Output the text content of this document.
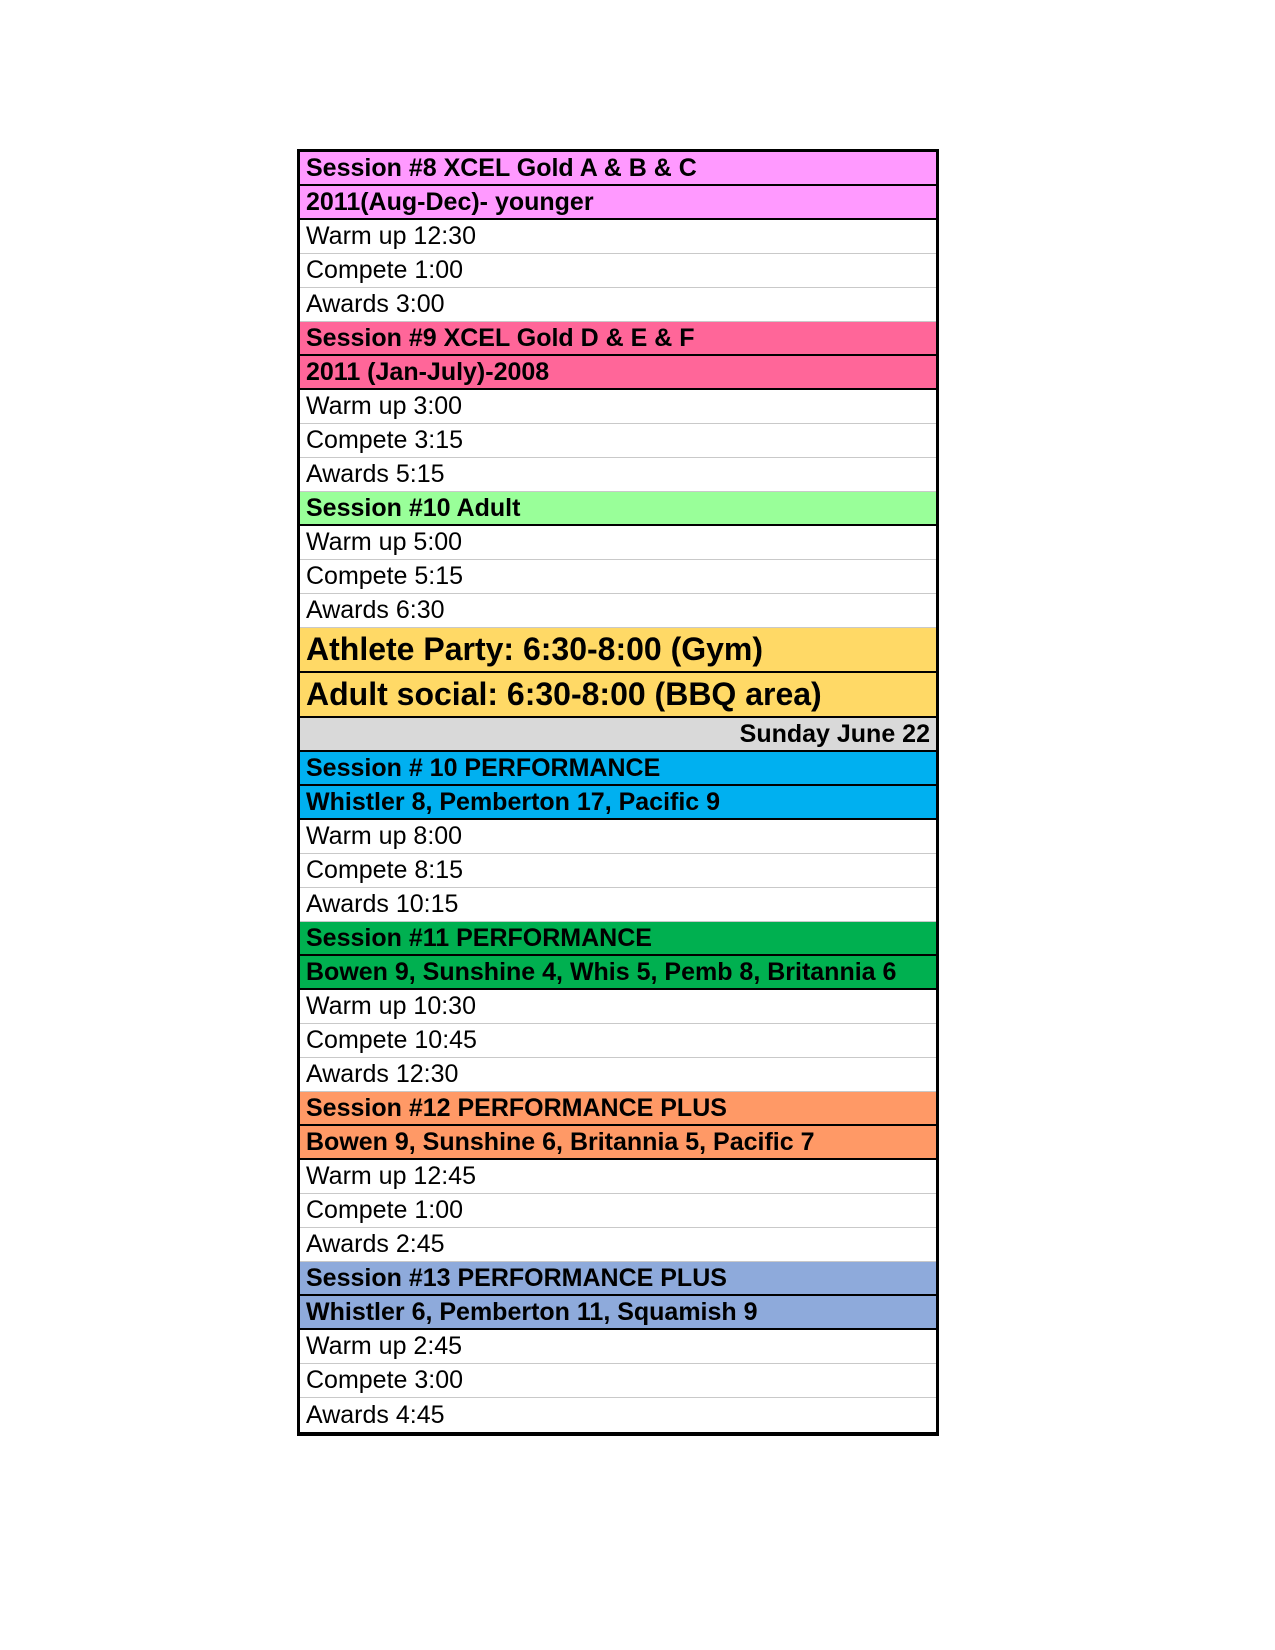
Session #8 XCEL Gold A & B & C
2011(Aug-Dec)- younger
Warm up 12:30
Compete 1:00
Awards 3:00
Session #9 XCEL Gold D & E & F
2011 (Jan-July)-2008
Warm up 3:00
Compete 3:15
Awards 5:15
Session #10 Adult
Warm up 5:00
Compete 5:15
Awards 6:30
Athlete Party: 6:30-8:00 (Gym)
Adult social: 6:30-8:00 (BBQ area)
Sunday June 22
Session # 10 PERFORMANCE
Whistler 8, Pemberton 17, Pacific 9
Warm up 8:00
Compete 8:15
Awards 10:15
Session #11 PERFORMANCE
Bowen 9, Sunshine 4, Whis 5, Pemb 8, Britannia 6
Warm up 10:30
Compete 10:45
Awards 12:30
Session #12 PERFORMANCE PLUS
Bowen 9, Sunshine 6, Britannia 5, Pacific 7
Warm up 12:45
Compete 1:00
Awards 2:45
Session #13 PERFORMANCE PLUS
Whistler 6, Pemberton 11, Squamish 9
Warm up 2:45
Compete 3:00
Awards 4:45
